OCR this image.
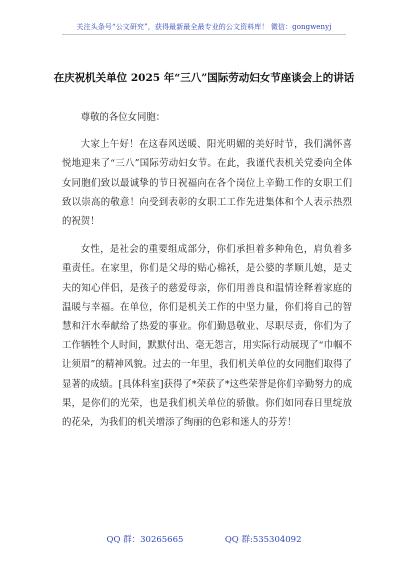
关注头条号“公文研究”，获得最新最全最专业的公文资料库！ 微信：gongwenyj
在庆祝机关单位 2025 年“三八”国际劳动妇女节座谈会上的讲话

尊敬的各位女同胞：

大家上午好！在这春风送暖、阳光明媚的美好时节，我们满怀喜悦地迎来了“三八”国际劳动妇女节。在此，我谨代表机关党委向全体女同胞们致以最诚挚的节日祝福向在各个岗位上辛勤工作的女职工们致以崇高的敬意！向受到表彰的女职工工作先进集体和个人表示热烈的祝贺！

女性，是社会的重要组成部分，你们承担着多种角色，肩负着多重责任。在家里，你们是父母的贴心棉袄，是公婆的孝顺儿媳，是丈夫的知心伴侣，是孩子的慈爱母亲，你们用善良和温情诠释着家庭的温暖与幸福。在单位，你们是机关工作的中坚力量，你们将自己的智慧和汗水奉献给了热爱的事业。你们勤恳敬业、尽职尽责，你们为了工作牺牲个人时间，默默付出、毫无怨言，用实际行动展现了“巾帼不让须眉”的精神风貌。过去的一年里，我们机关单位的女同胞们取得了显著的成绩。[具体科室]获得了*荣获了*这些荣誉是你们辛勤努力的成果，是你们的光荣，也是我们机关单位的骄傲。你们如同春日里绽放的花朵，为我们的机关增添了绚丽的色彩和迷人的芬芳！

QQ 群：30265665	QQ 群:535304092
